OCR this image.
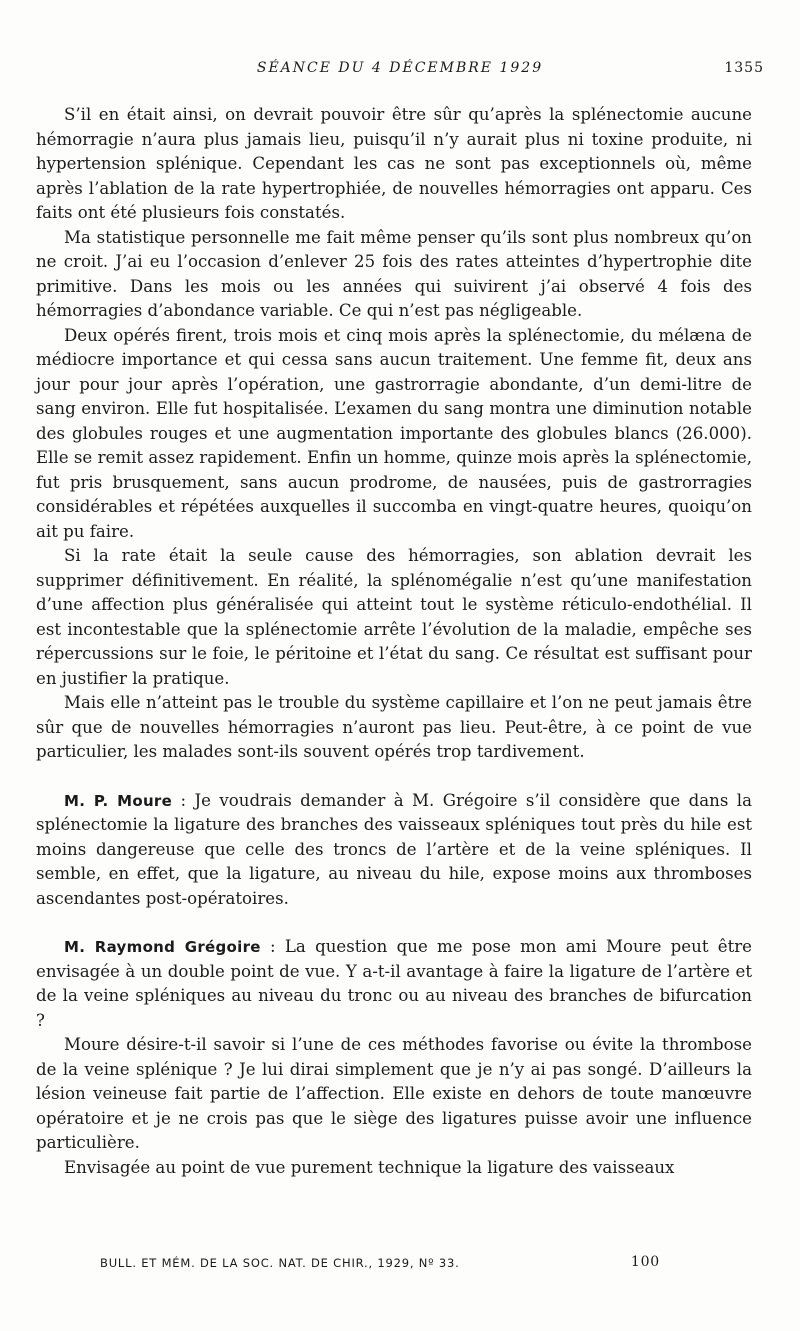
SÉANCE DU 4 DÉCEMBRE 1929	1355

S’il en était ainsi, on devrait pouvoir être sûr qu’après la splénectomie aucune hémorragie n’aura plus jamais lieu, puisqu’il n’y aurait plus ni toxine produite, ni hypertension splénique. Cependant les cas ne sont pas exceptionnels où, même après l’ablation de la rate hypertrophiée, de nouvelles hémorragies ont apparu. Ces faits ont été plusieurs fois constatés.

Ma statistique personnelle me fait même penser qu’ils sont plus nombreux qu’on ne croit. J’ai eu l’occasion d’enlever 25 fois des rates atteintes d’hypertrophie dite primitive. Dans les mois ou les années qui suivirent j’ai observé 4 fois des hémorragies d’abondance variable. Ce qui n’est pas négligeable.

Deux opérés firent, trois mois et cinq mois après la splénectomie, du mélæna de médiocre importance et qui cessa sans aucun traitement. Une femme fit, deux ans jour pour jour après l’opération, une gastrorragie abondante, d’un demi-litre de sang environ. Elle fut hospitalisée. L’examen du sang montra une diminution notable des globules rouges et une augmentation importante des globules blancs (26.000). Elle se remit assez rapidement. Enfin un homme, quinze mois après la splénectomie, fut pris brusquement, sans aucun prodrome, de nausées, puis de gastrorragies considérables et répétées auxquelles il succomba en vingt-quatre heures, quoiqu’on ait pu faire.

Si la rate était la seule cause des hémorragies, son ablation devrait les supprimer définitivement. En réalité, la splénomégalie n’est qu’une manifestation d’une affection plus généralisée qui atteint tout le système réticulo-endothélial. Il est incontestable que la splénectomie arrête l’évolution de la maladie, empêche ses répercussions sur le foie, le péritoine et l’état du sang. Ce résultat est suffisant pour en justifier la pratique.

Mais elle n’atteint pas le trouble du système capillaire et l’on ne peut jamais être sûr que de nouvelles hémorragies n’auront pas lieu. Peut-être, à ce point de vue particulier, les malades sont-ils souvent opérés trop tardivement.

M. P. Moure : Je voudrais demander à M. Grégoire s’il considère que dans la splénectomie la ligature des branches des vaisseaux spléniques tout près du hile est moins dangereuse que celle des troncs de l’artère et de la veine spléniques. Il semble, en effet, que la ligature, au niveau du hile, expose moins aux thromboses ascendantes post-opératoires.

M. Raymond Grégoire : La question que me pose mon ami Moure peut être envisagée à un double point de vue. Y a-t-il avantage à faire la ligature de l’artère et de la veine spléniques au niveau du tronc ou au niveau des branches de bifurcation ?

Moure désire-t-il savoir si l’une de ces méthodes favorise ou évite la thrombose de la veine splénique ? Je lui dirai simplement que je n’y ai pas songé. D’ailleurs la lésion veineuse fait partie de l’affection. Elle existe en dehors de toute manœuvre opératoire et je ne crois pas que le siège des ligatures puisse avoir une influence particulière.

Envisagée au point de vue purement technique la ligature des vaisseaux

BULL. ET MÉM. DE LA SOC. NAT. DE CHIR., 1929, Nº 33.	100
